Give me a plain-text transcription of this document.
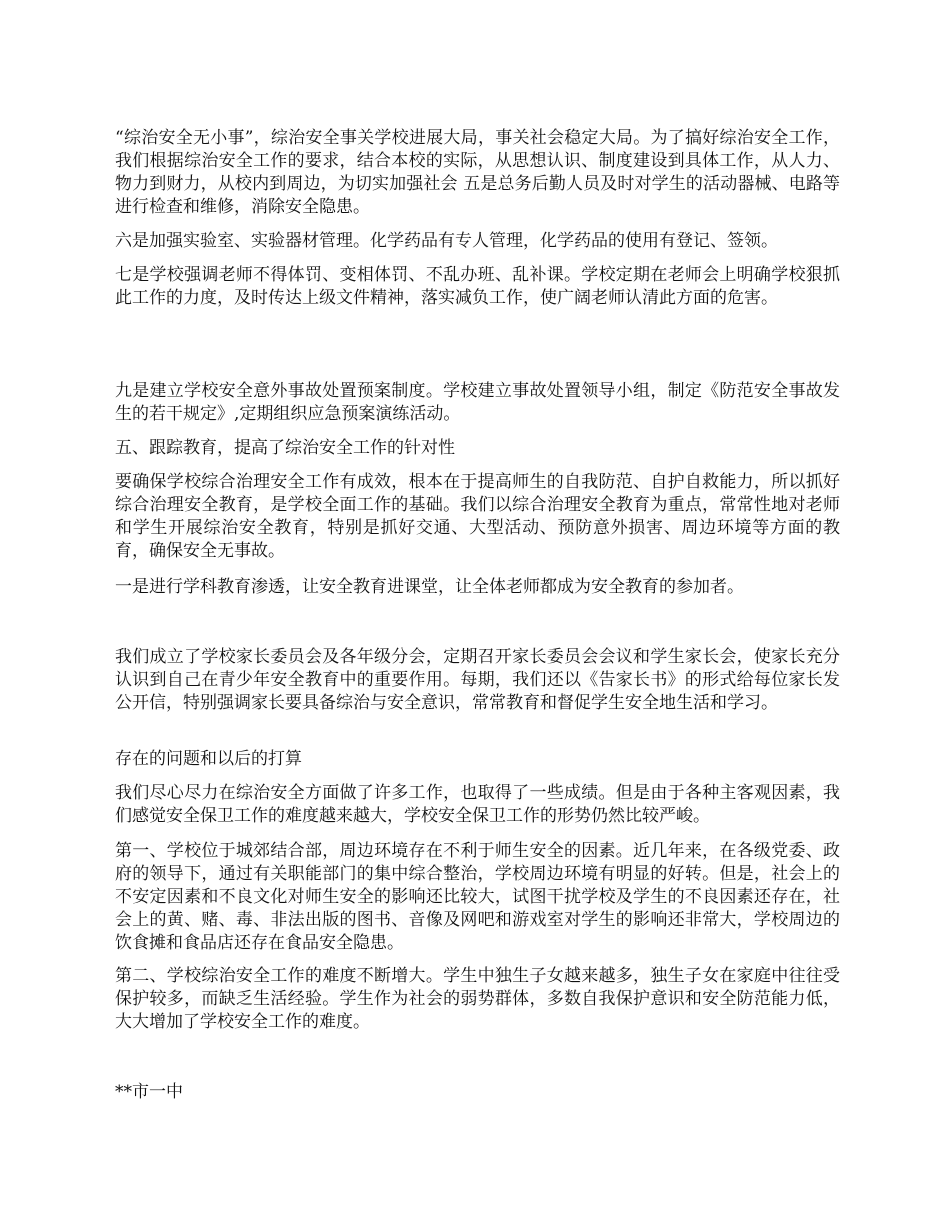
“综治安全无小事”，综治安全事关学校进展大局，事关社会稳定大局。为了搞好综治安全工作，我们根据综治安全工作的要求，结合本校的实际，从思想认识、制度建设到具体工作，从人力、物力到财力，从校内到周边，为切实加强社会 五是总务后勤人员及时对学生的活动器械、电路等进行检查和维修，消除安全隐患。

六是加强实验室、实验器材管理。化学药品有专人管理，化学药品的使用有登记、签领。

七是学校强调老师不得体罚、变相体罚、不乱办班、乱补课。学校定期在老师会上明确学校狠抓此工作的力度，及时传达上级文件精神，落实减负工作，使广阔老师认清此方面的危害。

九是建立学校安全意外事故处置预案制度。学校建立事故处置领导小组，制定《防范安全事故发生的若干规定》,定期组织应急预案演练活动。

五、跟踪教育，提高了综治安全工作的针对性

要确保学校综合治理安全工作有成效，根本在于提高师生的自我防范、自护自救能力，所以抓好综合治理安全教育，是学校全面工作的基础。我们以综合治理安全教育为重点，常常性地对老师和学生开展综治安全教育，特别是抓好交通、大型活动、预防意外损害、周边环境等方面的教育，确保安全无事故。

一是进行学科教育渗透，让安全教育进课堂，让全体老师都成为安全教育的参加者。

我们成立了学校家长委员会及各年级分会，定期召开家长委员会会议和学生家长会，使家长充分认识到自己在青少年安全教育中的重要作用。每期，我们还以《告家长书》的形式给每位家长发公开信，特别强调家长要具备综治与安全意识，常常教育和督促学生安全地生活和学习。

存在的问题和以后的打算

我们尽心尽力在综治安全方面做了许多工作，也取得了一些成绩。但是由于各种主客观因素，我们感觉安全保卫工作的难度越来越大，学校安全保卫工作的形势仍然比较严峻。

第一、学校位于城郊结合部，周边环境存在不利于师生安全的因素。近几年来，在各级党委、政府的领导下，通过有关职能部门的集中综合整治，学校周边环境有明显的好转。但是，社会上的不安定因素和不良文化对师生安全的影响还比较大，试图干扰学校及学生的不良因素还存在，社会上的黄、赌、毒、非法出版的图书、音像及网吧和游戏室对学生的影响还非常大，学校周边的饮食摊和食品店还存在食品安全隐患。

第二、学校综治安全工作的难度不断增大。学生中独生子女越来越多，独生子女在家庭中往往受保护较多，而缺乏生活经验。学生作为社会的弱势群体，多数自我保护意识和安全防范能力低，大大增加了学校安全工作的难度。

**市一中
